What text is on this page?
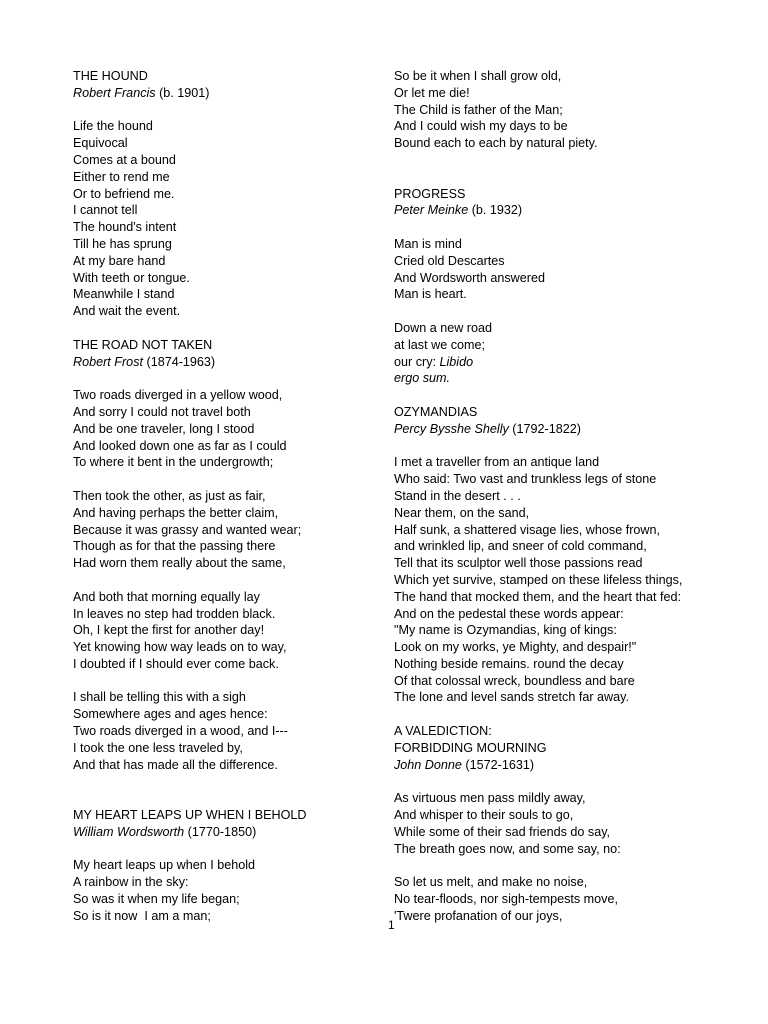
THE HOUND
Robert Francis (b. 1901)
Life the hound
Equivocal
Comes at a bound
Either to rend me
Or to befriend me.
I cannot tell
The hound's intent
Till he has sprung
At my bare hand
With teeth or tongue.
Meanwhile I stand
And wait the event.
THE ROAD NOT TAKEN
Robert Frost (1874-1963)
Two roads diverged in a yellow wood,
And sorry I could not travel both
And be one traveler, long I stood
And looked down one as far as I could
To where it bent in the undergrowth;
Then took the other, as just as fair,
And having perhaps the better claim,
Because it was grassy and wanted wear;
Though as for that the passing there
Had worn them really about the same,
And both that morning equally lay
In leaves no step had trodden black.
Oh, I kept the first for another day!
Yet knowing how way leads on to way,
I doubted if I should ever come back.
I shall be telling this with a sigh
Somewhere ages and ages hence:
Two roads diverged in a wood, and I---
I took the one less traveled by,
And that has made all the difference.
MY HEART LEAPS UP WHEN I BEHOLD
William Wordsworth (1770-1850)
My heart leaps up when I behold
A rainbow in the sky:
So was it when my life began;
So is it now  I am a man;
So be it when I shall grow old,
Or let me die!
The Child is father of the Man;
And I could wish my days to be
Bound each to each by natural piety.
PROGRESS
Peter Meinke (b. 1932)
Man is mind
Cried old Descartes
And Wordsworth answered
Man is heart.
Down a new road
at last we come;
our cry: Libido
ergo sum.
OZYMANDIAS
Percy Bysshe Shelly (1792-1822)
I met a traveller from an antique land
Who said: Two vast and trunkless legs of stone
Stand in the desert . . .
Near them, on the sand,
Half sunk, a shattered visage lies, whose frown,
and wrinkled lip, and sneer of cold command,
Tell that its sculptor well those passions read
Which yet survive, stamped on these lifeless things,
The hand that mocked them, and the heart that fed:
And on the pedestal these words appear:
"My name is Ozymandias, king of kings:
Look on my works, ye Mighty, and despair!"
Nothing beside remains. round the decay
Of that colossal wreck, boundless and bare
The lone and level sands stretch far away.
A VALEDICTION:
FORBIDDING MOURNING
John Donne (1572-1631)
As virtuous men pass mildly away,
And whisper to their souls to go,
While some of their sad friends do say,
The breath goes now, and some say, no:
So let us melt, and make no noise,
No tear-floods, nor sigh-tempests move,
'Twere profanation of our joys,
1
